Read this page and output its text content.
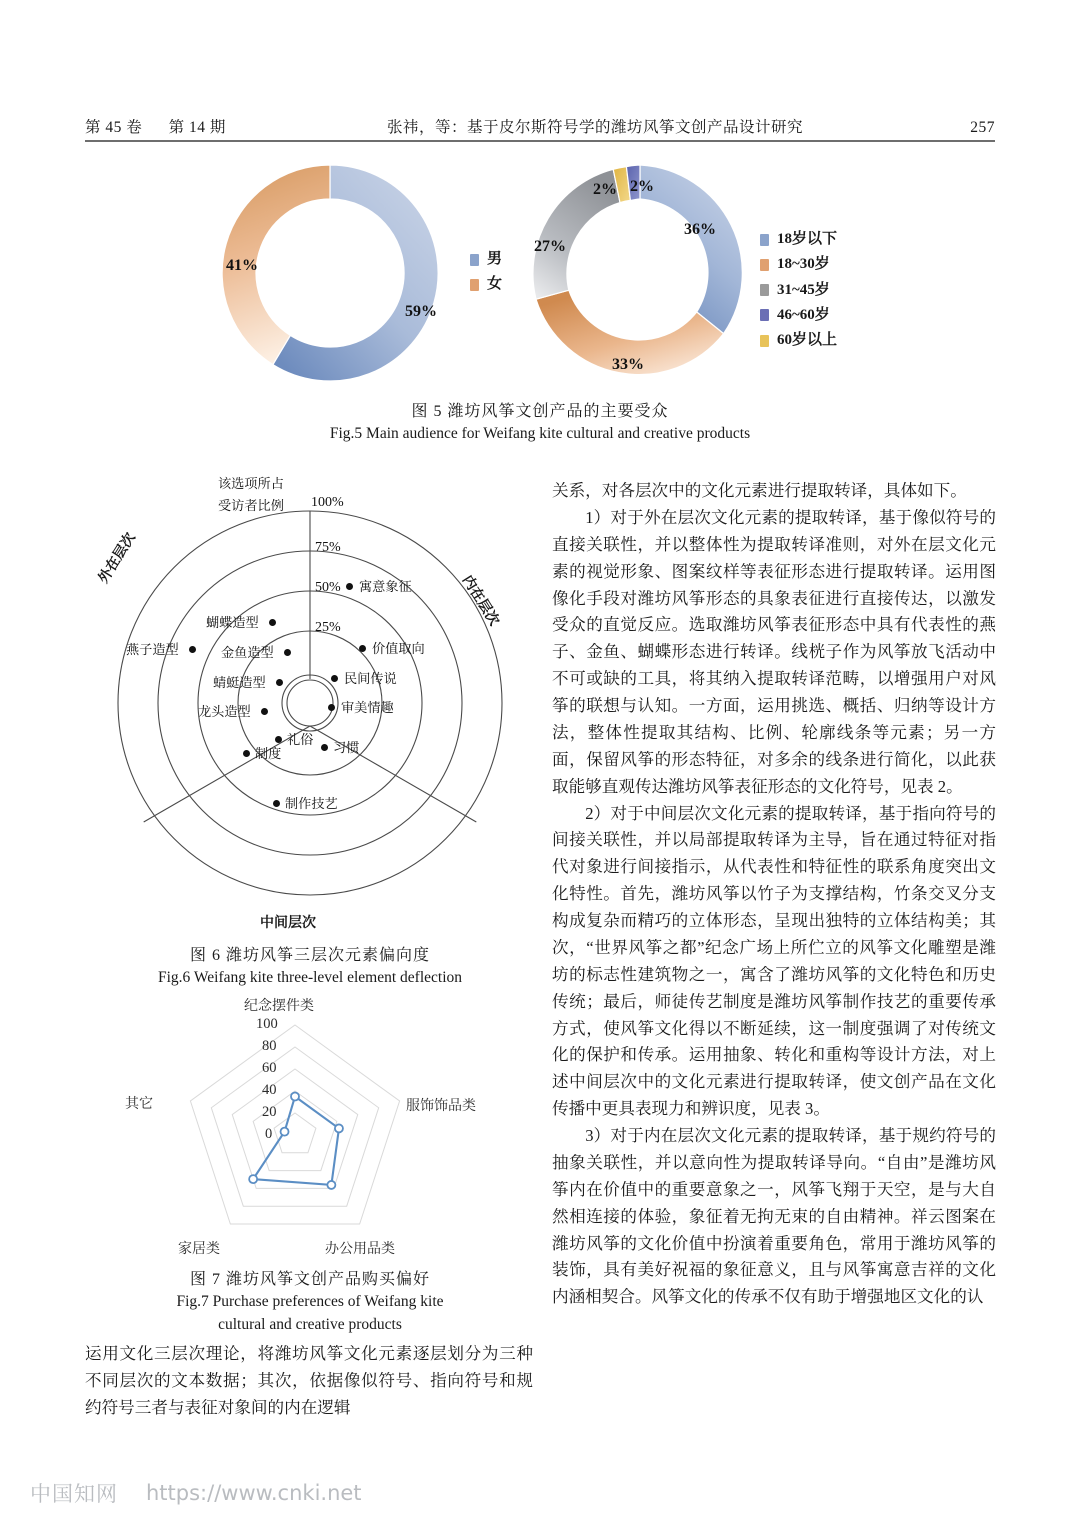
第 45 卷 第 14 期	张祎，等：基于皮尔斯符号学的潍坊风筝文创产品设计研究	257
41%
59%
男
女
36%
33%
27%
2% 2%
18岁以下
18~30岁
31~45岁
46~60岁
60岁以上
图 5 潍坊风筝文创产品的主要受众
Fig.5 Main audience for Weifang kite cultural and creative products
该选项所占
受访者比例 100%
75%
50%
25%
外在层次
内在层次
中间层次
寓意象征
价值取向
民间传说
审美情趣
蝴蝶造型
燕子造型	金鱼造型
蜻蜓造型
龙头造型
礼俗
习惯
制度
制作技艺
图 6 潍坊风筝三层次元素偏向度
Fig.6 Weifang kite three-level element deflection
纪念摆件类
服饰饰品类
办公用品类
家居类
其它
100
80
60
40
20
0
图 7 潍坊风筝文创产品购买偏好
Fig.7 Purchase preferences of Weifang kite
cultural and creative products

运用文化三层次理论，将潍坊风筝文化元素逐层划分为三种不同层次的文本数据；其次，依据像似符号、指向符号和规约符号三者与表征对象间的内在逻辑

关系，对各层次中的文化元素进行提取转译，具体如下。

1）对于外在层次文化元素的提取转译，基于像似符号的直接关联性，并以整体性为提取转译准则，对外在层文化元素的视觉形象、图案纹样等表征形态进行提取转译。运用图像化手段对潍坊风筝形态的具象表征进行直接传达，以激发受众的直觉反应。选取潍坊风筝表征形态中具有代表性的燕子、金鱼、蝴蝶形态进行转译。线桄子作为风筝放飞活动中不可或缺的工具，将其纳入提取转译范畴，以增强用户对风筝的联想与认知。一方面，运用挑选、概括、归纳等设计方法，整体性提取其结构、比例、轮廓线条等元素；另一方面，保留风筝的形态特征，对多余的线条进行简化，以此获取能够直观传达潍坊风筝表征形态的文化符号，见表 2。

2）对于中间层次文化元素的提取转译，基于指向符号的间接关联性，并以局部提取转译为主导，旨在通过特征对指代对象进行间接指示，从代表性和特征性的联系角度突出文化特性。首先，潍坊风筝以竹子为支撑结构，竹条交叉分支构成复杂而精巧的立体形态，呈现出独特的立体结构美；其次，“世界风筝之都”纪念广场上所伫立的风筝文化雕塑是潍坊的标志性建筑物之一，寓含了潍坊风筝的文化特色和历史传统；最后，师徒传艺制度是潍坊风筝制作技艺的重要传承方式，使风筝文化得以不断延续，这一制度强调了对传统文化的保护和传承。运用抽象、转化和重构等设计方法，对上述中间层次中的文化元素进行提取转译，使文创产品在文化传播中更具表现力和辨识度，见表 3。

3）对于内在层次文化元素的提取转译，基于规约符号的抽象关联性，并以意向性为提取转译导向。“自由”是潍坊风筝内在价值中的重要意象之一，风筝飞翔于天空，是与大自然相连接的体验，象征着无拘无束的自由精神。祥云图案在潍坊风筝的文化价值中扮演着重要角色，常用于潍坊风筝的装饰，具有美好祝福的象征意义，且与风筝寓意吉祥的文化内涵相契合。风筝文化的传承不仅有助于增强地区文化的认

中国知网 https://www.cnki.net
